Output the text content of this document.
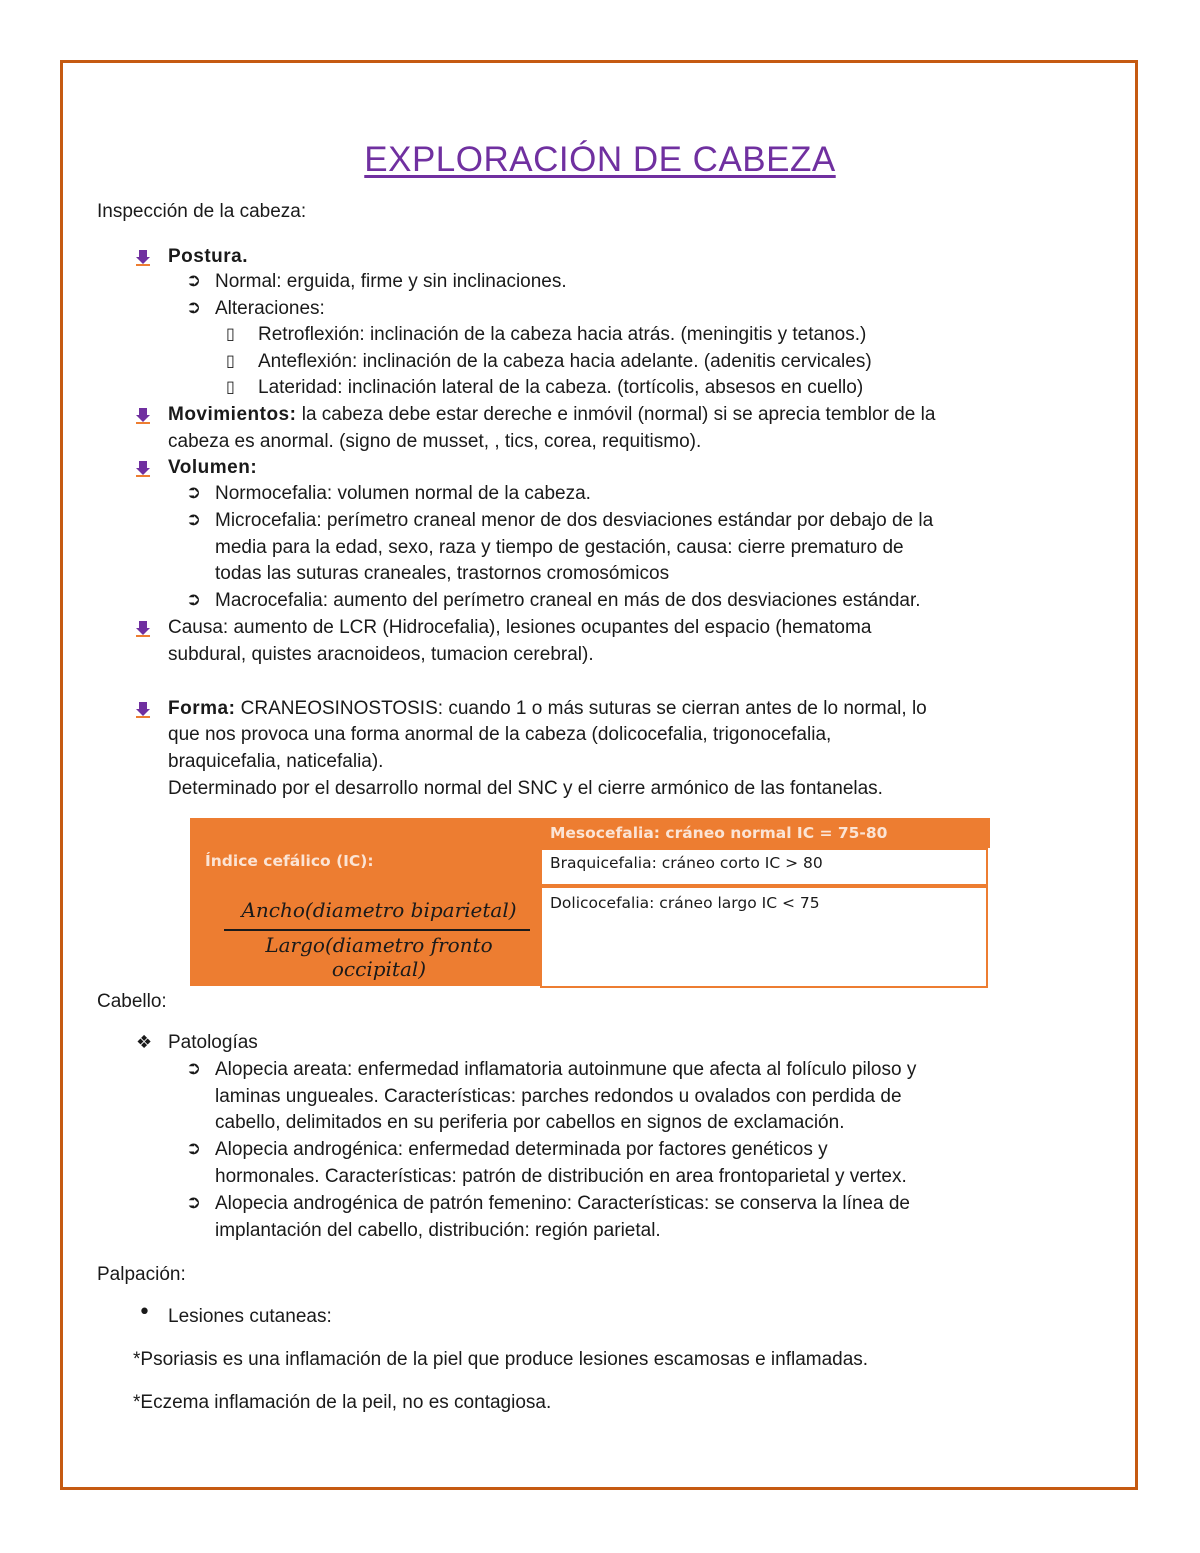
EXPLORACIÓN DE CABEZA
Inspección de la cabeza:
Postura.
➲ Normal: erguida, firme y sin inclinaciones.
➲ Alteraciones:
▯ Retroflexión: inclinación de la cabeza hacia atrás. (meningitis y tetanos.)
▯ Anteflexión: inclinación de la cabeza hacia adelante. (adenitis cervicales)
▯ Lateridad: inclinación lateral de la cabeza. (tortícolis, absesos en cuello)
Movimientos: la cabeza debe estar dereche e inmóvil (normal) si se aprecia temblor de la
cabeza es anormal. (signo de musset, , tics, corea, requitismo).
Volumen:
➲ Normocefalia: volumen normal de la cabeza.
➲ Microcefalia: perímetro craneal menor de dos desviaciones estándar por debajo de la
media para la edad, sexo, raza y tiempo de gestación, causa: cierre prematuro de
todas las suturas craneales, trastornos cromosómicos
➲ Macrocefalia: aumento del perímetro craneal en más de dos desviaciones estándar.
Causa: aumento de LCR (Hidrocefalia), lesiones ocupantes del espacio (hematoma
subdural, quistes aracnoideos, tumacion cerebral).
Forma: CRANEOSINOSTOSIS: cuando 1 o más suturas se cierran antes de lo normal, lo
que nos provoca una forma anormal de la cabeza (dolicocefalia, trigonocefalia,
braquicefalia, naticefalia).
Determinado por el desarrollo normal del SNC y el cierre armónico de las fontanelas.
Índice cefálico (IC):
Ancho(diametro biparietal)
Largo(diametro fronto occipital)
Mesocefalia: cráneo normal IC = 75-80
Braquicefalia: cráneo corto IC > 80
Dolicocefalia: cráneo largo IC < 75
Cabello:
❖ Patologías
➲ Alopecia areata: enfermedad inflamatoria autoinmune que afecta al folículo piloso y
laminas ungueales. Características: parches redondos u ovalados con perdida de
cabello, delimitados en su periferia por cabellos en signos de exclamación.
➲ Alopecia androgénica: enfermedad determinada por factores genéticos y
hormonales. Características: patrón de distribución en area frontoparietal y vertex.
➲ Alopecia androgénica de patrón femenino: Características: se conserva la línea de
implantación del cabello, distribución: región parietal.
Palpación:
• Lesiones cutaneas:
*Psoriasis es una inflamación de la piel que produce lesiones escamosas e inflamadas.
*Eczema inflamación de la peil, no es contagiosa.
